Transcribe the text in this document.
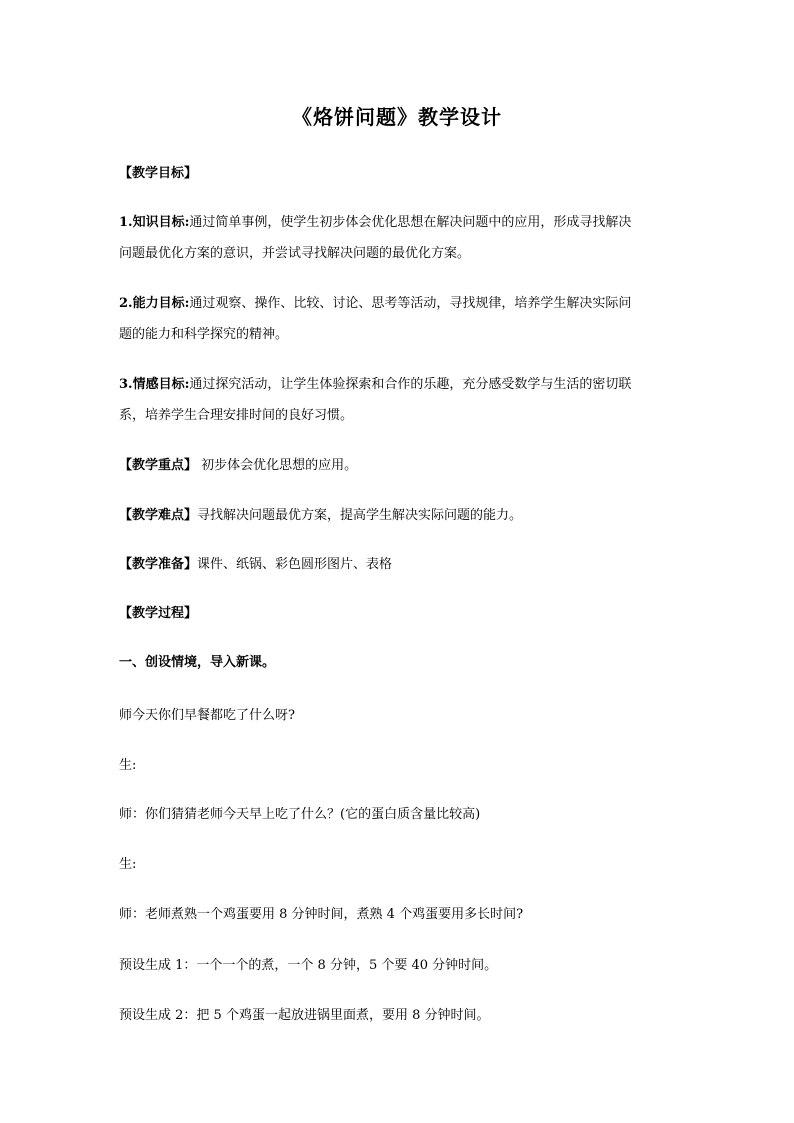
《烙饼问题》教学设计
【教学目标】
1.知识目标:通过简单事例，使学生初步体会优化思想在解决问题中的应用，形成寻找解决
问题最优化方案的意识，并尝试寻找解决问题的最优化方案。
2.能力目标:通过观察、操作、比较、讨论、思考等活动，寻找规律，培养学生解决实际问
题的能力和科学探究的精神。
3.情感目标:通过探究活动，让学生体验探索和合作的乐趣，充分感受数学与生活的密切联
系，培养学生合理安排时间的良好习惯。
【教学重点】 初步体会优化思想的应用。
【教学难点】寻找解决问题最优方案，提高学生解决实际问题的能力。
【教学准备】课件、纸锅、彩色圆形图片、表格
【教学过程】
一、创设情境，导入新课。
师今天你们早餐都吃了什么呀?
生:
师：你们猜猜老师今天早上吃了什么？(它的蛋白质含量比较高)
生:
师：老师煮熟一个鸡蛋要用 8 分钟时间，煮熟 4 个鸡蛋要用多长时间?
预设生成 1：一个一个的煮，一个 8 分钟，5 个要 40 分钟时间。
预设生成 2：把 5 个鸡蛋一起放进锅里面煮，要用 8 分钟时间。
